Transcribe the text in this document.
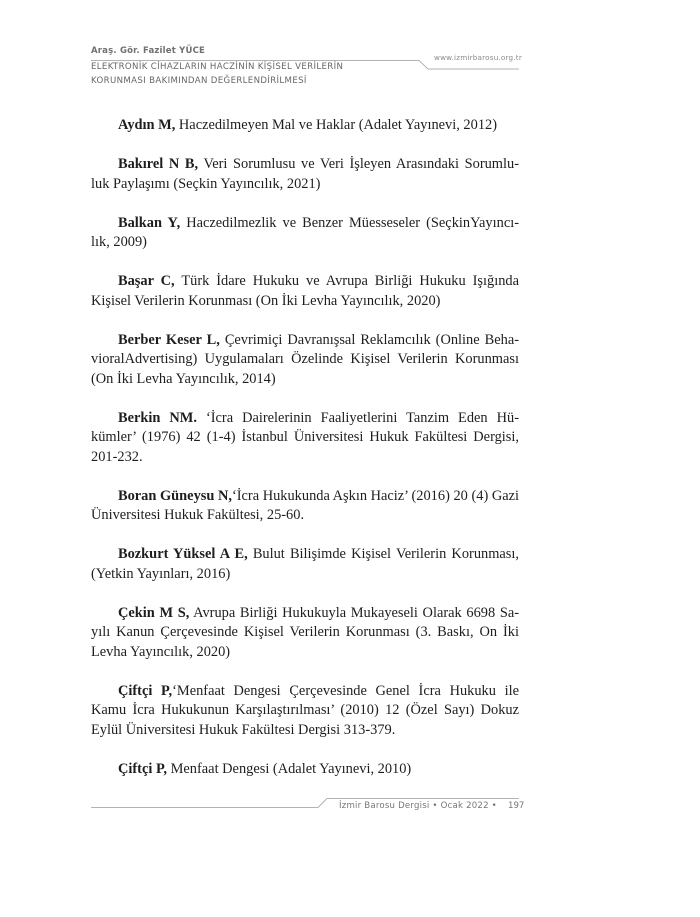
Araş. Gör. Fazilet YÜCE
ELEKTRONİK CİHAZLARIN HACZİNİN KİŞİSEL VERİLERİN
KORUNMASI BAKIMINDAN DEĞERLENDİRİLMESİ
www.izmirbarosu.org.tr

Aydın M, Haczedilmeyen Mal ve Haklar (Adalet Yayınevi, 2012)

Bakırel N B, Veri Sorumlusu ve Veri İşleyen Arasındaki Sorumlu-luk Paylaşımı (Seçkin Yayıncılık, 2021)

Balkan Y, Haczedilmezlik ve Benzer Müesseseler (SeçkinYayıncı-lık, 2009)

Başar C, Türk İdare Hukuku ve Avrupa Birliği Hukuku Işığında Kişisel Verilerin Korunması (On İki Levha Yayıncılık, 2020)

Berber Keser L, Çevrimiçi Davranışsal Reklamcılık (Online Beha-vioralAdvertising) Uygulamaları Özelinde Kişisel Verilerin Korunması (On İki Levha Yayıncılık, 2014)

Berkin NM. ‘İcra Dairelerinin Faaliyetlerini Tanzim Eden Hü-kümler’ (1976) 42 (1-4) İstanbul Üniversitesi Hukuk Fakültesi Dergisi, 201-232.

Boran Güneysu N,‘İcra Hukukunda Aşkın Haciz’ (2016) 20 (4) Gazi Üniversitesi Hukuk Fakültesi, 25-60.

Bozkurt Yüksel A E, Bulut Bilişimde Kişisel Verilerin Korunması, (Yetkin Yayınları, 2016)

Çekin M S, Avrupa Birliği Hukukuyla Mukayeseli Olarak 6698 Sa-yılı Kanun Çerçevesinde Kişisel Verilerin Korunması (3. Baskı, On İki Levha Yayıncılık, 2020)

Çiftçi P,‘Menfaat Dengesi Çerçevesinde Genel İcra Hukuku ile Kamu İcra Hukukunun Karşılaştırılması’ (2010) 12 (Özel Sayı) Dokuz Eylül Üniversitesi Hukuk Fakültesi Dergisi 313-379.

Çiftçi P, Menfaat Dengesi (Adalet Yayınevi, 2010)

İzmir Barosu Dergisi • Ocak 2022 • 197
